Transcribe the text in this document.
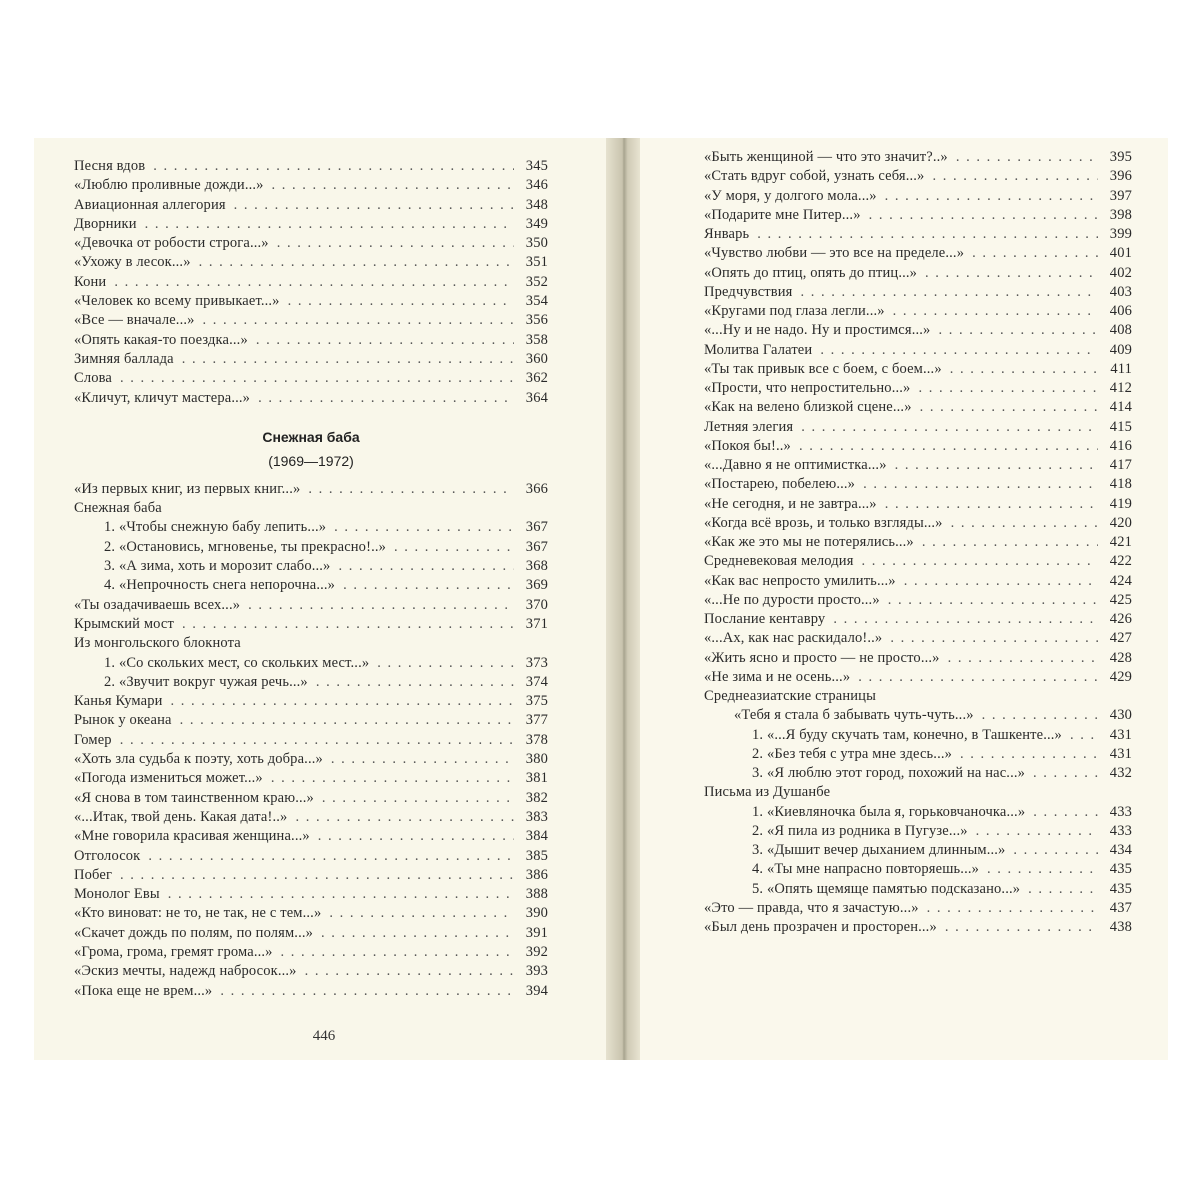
Песня вдов . . .	345
«Люблю проливные дожди...» . . .	346
Авиационная аллегория . . .	348
Дворники . . .	349
«Девочка от робости строга...» . . .	350
«Ухожу в лесок...» . . .	351
Кони . . .	352
«Человек ко всему привыкает...» . . .	354
«Все — вначале...» . . .	356
«Опять какая-то поездка...» . . .	358
Зимняя баллада . . .	360
Слова . . .	362
«Кличут, кличут мастера...» . . .	364
Снежная баба
(1969—1972)
«Из первых книг, из первых книг...» . . .	366
Снежная баба
1. «Чтобы снежную бабу лепить...» . . .	367
2. «Остановись, мгновенье, ты прекрасно!..» . . .	367
3. «А зима, хоть и морозит слабо...» . . .	368
4. «Непрочность снега непорочна...» . . .	369
«Ты озадачиваешь всех...» . . .	370
Крымский мост . . .	371
Из монгольского блокнота
1. «Со скольких мест, со скольких мест...» . . .	373
2. «Звучит вокруг чужая речь...» . . .	374
Канья Кумари . . .	375
Рынок у океана . . .	377
Гомер . . .	378
«Хоть зла судьба к поэту, хоть добра...» . . .	380
«Погода измениться может...» . . .	381
«Я снова в том таинственном краю...» . . .	382
«...Итак, твой день. Какая дата!..» . . .	383
«Мне говорила красивая женщина...» . . .	384
Отголосок . . .	385
Побег . . .	386
Монолог Евы . . .	388
«Кто виноват: не то, не так, не с тем...» . . .	390
«Скачет дождь по полям, по полям...» . . .	391
«Грома, грома, гремят грома...» . . .	392
«Эскиз мечты, надежд набросок...» . . .	393
«Пока еще не врем...» . . .	394
446
«Быть женщиной — что это значит?..» . . .	395
«Стать вдруг собой, узнать себя...» . . .	396
«У моря, у долгого мола...» . . .	397
«Подарите мне Питер...» . . .	398
Январь . . .	399
«Чувство любви — это все на пределе...» . . .	401
«Опять до птиц, опять до птиц...» . . .	402
Предчувствия . . .	403
«Кругами под глаза легли...» . . .	406
«...Ну и не надо. Ну и простимся...» . . .	408
Молитва Галатеи . . .	409
«Ты так привык все с боем, с боем...» . . .	411
«Прости, что непростительно...» . . .	412
«Как на велено близкой сцене...» . . .	414
Летняя элегия . . .	415
«Покоя бы!..» . . .	416
«...Давно я не оптимистка...» . . .	417
«Постарею, побелею...» . . .	418
«Не сегодня, и не завтра...» . . .	419
«Когда всё врозь, и только взгляды...» . . .	420
«Как же это мы не потерялись...» . . .	421
Средневековая мелодия . . .	422
«Как вас непросто умилить...» . . .	424
«...Не по дурости просто...» . . .	425
Послание кентавру . . .	426
«...Ах, как нас раскидало!..» . . .	427
«Жить ясно и просто — не просто...» . . .	428
«Не зима и не осень...» . . .	429
Среднеазиатские страницы
«Тебя я стала б забывать чуть-чуть...» . . .	430
1. «...Я буду скучать там, конечно, в Ташкенте...» . . .	431
2. «Без тебя с утра мне здесь...» . . .	431
3. «Я люблю этот город, похожий на нас...» . . .	432
Письма из Душанбе
1. «Киевляночка была я, горьковчаночка...» . . .	433
2. «Я пила из родника в Пугузе...» . . .	433
3. «Дышит вечер дыханием длинным...» . . .	434
4. «Ты мне напрасно повторяешь...» . . .	435
5. «Опять щемяще памятью подсказано...» . . .	435
«Это — правда, что я зачастую...» . . .	437
«Был день прозрачен и просторен...» . . .	438
